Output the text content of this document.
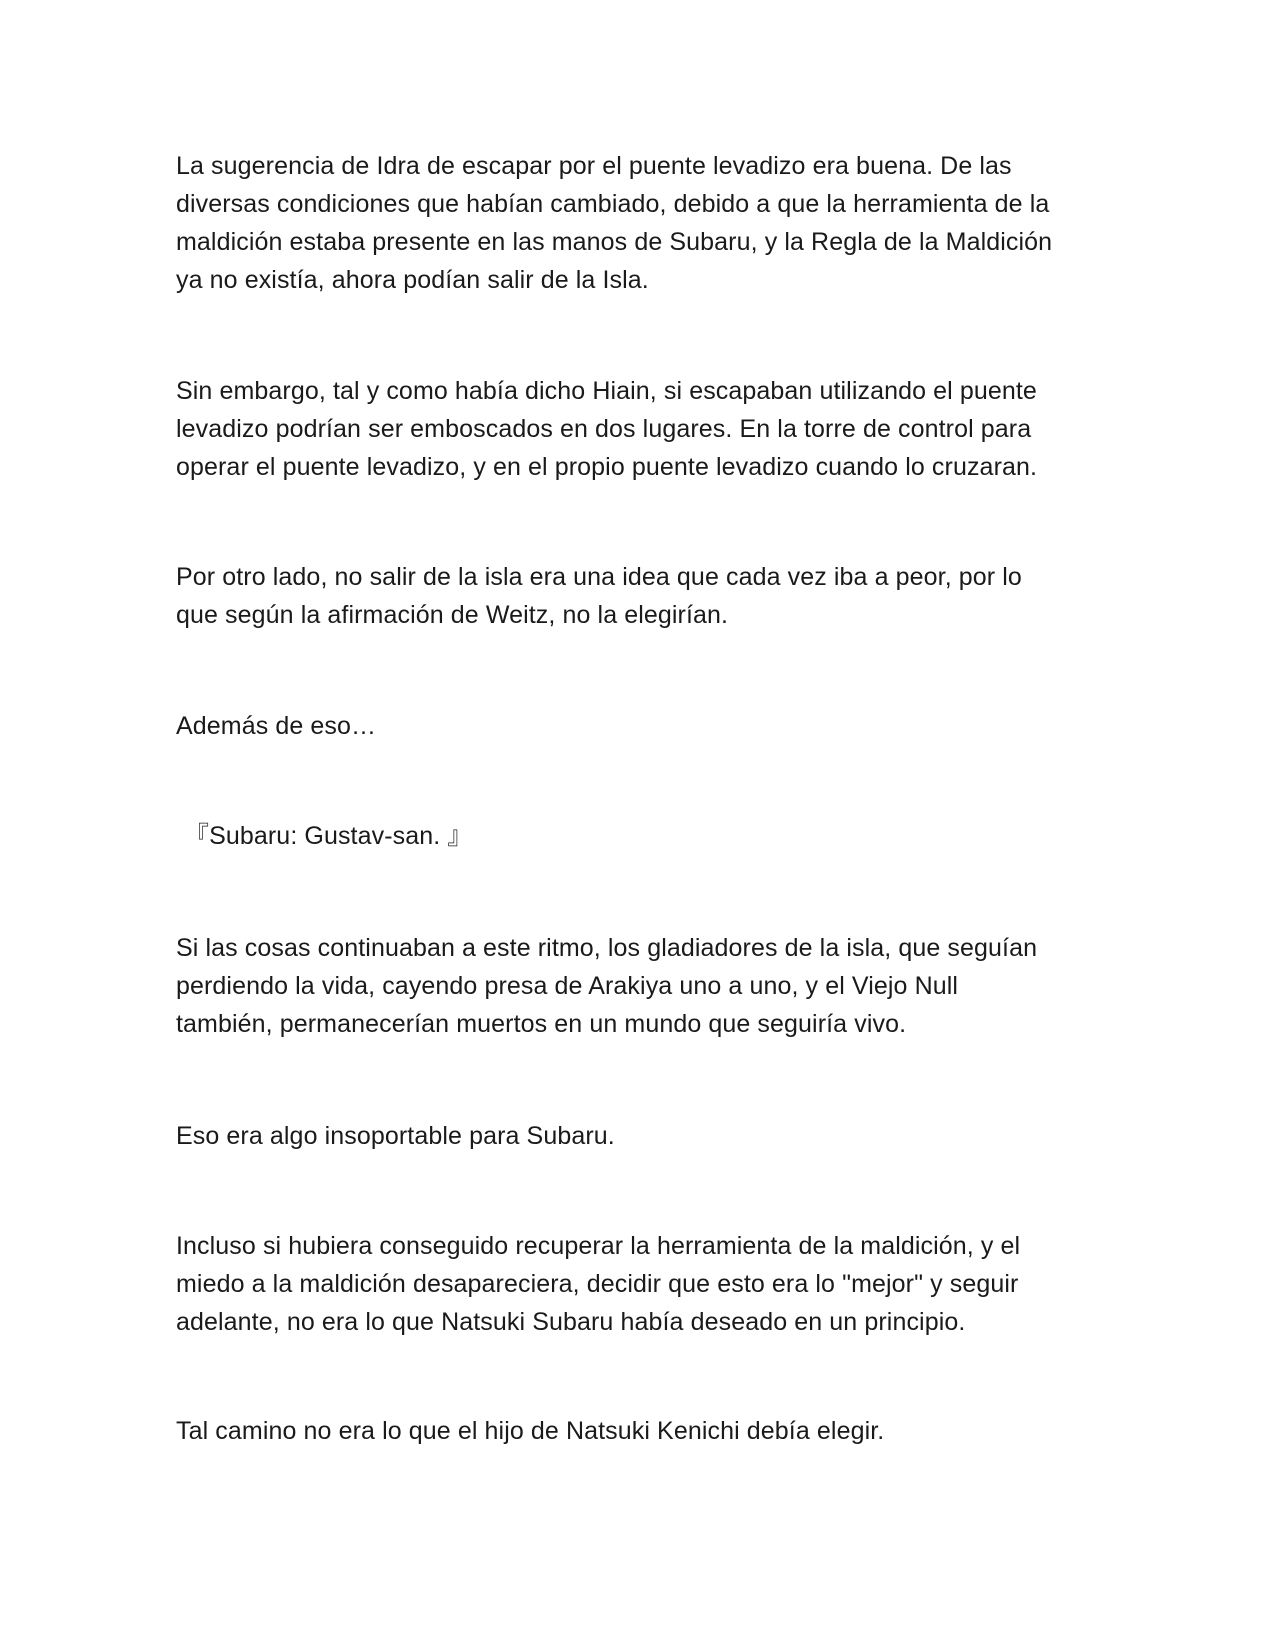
La sugerencia de Idra de escapar por el puente levadizo era buena. De las
diversas condiciones que habían cambiado, debido a que la herramienta de la
maldición estaba presente en las manos de Subaru, y la Regla de la Maldición
ya no existía, ahora podían salir de la Isla.
Sin embargo, tal y como había dicho Hiain, si escapaban utilizando el puente
levadizo podrían ser emboscados en dos lugares. En la torre de control para
operar el puente levadizo, y en el propio puente levadizo cuando lo cruzaran.
Por otro lado, no salir de la isla era una idea que cada vez iba a peor, por lo
que según la afirmación de Weitz, no la elegirían.
Además de eso…
『Subaru: Gustav-san. 』
Si las cosas continuaban a este ritmo, los gladiadores de la isla, que seguían
perdiendo la vida, cayendo presa de Arakiya uno a uno, y el Viejo Null
también, permanecerían muertos en un mundo que seguiría vivo.
Eso era algo insoportable para Subaru.
Incluso si hubiera conseguido recuperar la herramienta de la maldición, y el
miedo a la maldición desapareciera, decidir que esto era lo "mejor" y seguir
adelante, no era lo que Natsuki Subaru había deseado en un principio.
Tal camino no era lo que el hijo de Natsuki Kenichi debía elegir.
